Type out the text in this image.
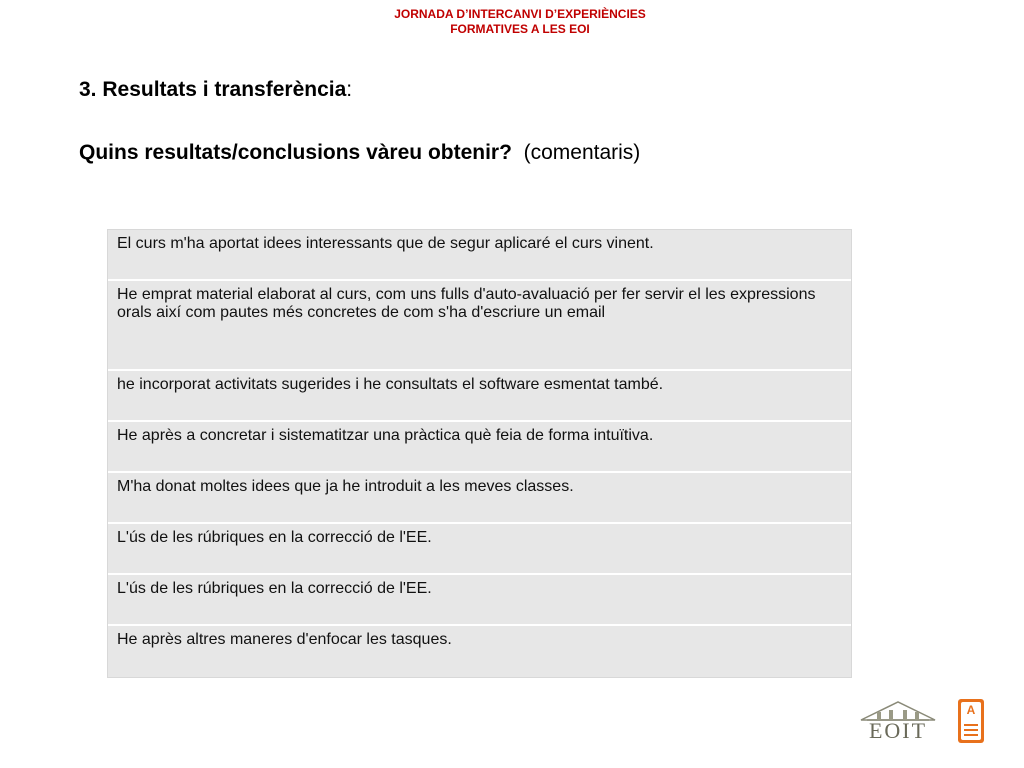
JORNADA D’INTERCANVI D’EXPERIÈNCIES
FORMATIVES A LES EOI
3. Resultats i transferència:
Quins resultats/conclusions vàreu obtenir? (comentaris)
El curs m'ha aportat idees interessants que de segur aplicaré el curs vinent.
He emprat material elaborat al curs, com uns fulls d'auto-avaluació per fer servir el les expressions orals així com pautes més concretes de com s'ha d'escriure un email
he incorporat activitats sugerides i he consultats el software esmentat també.
He après a concretar i sistematitzar una pràctica què feia de forma intuïtiva.
M'ha donat moltes idees que ja he introduit a les meves classes.
L'ús de les rúbriques en la correcció de l'EE.
L'ús de les rúbriques en la correcció de l'EE.
He après altres maneres d'enfocar les tasques.
EOIT
A
